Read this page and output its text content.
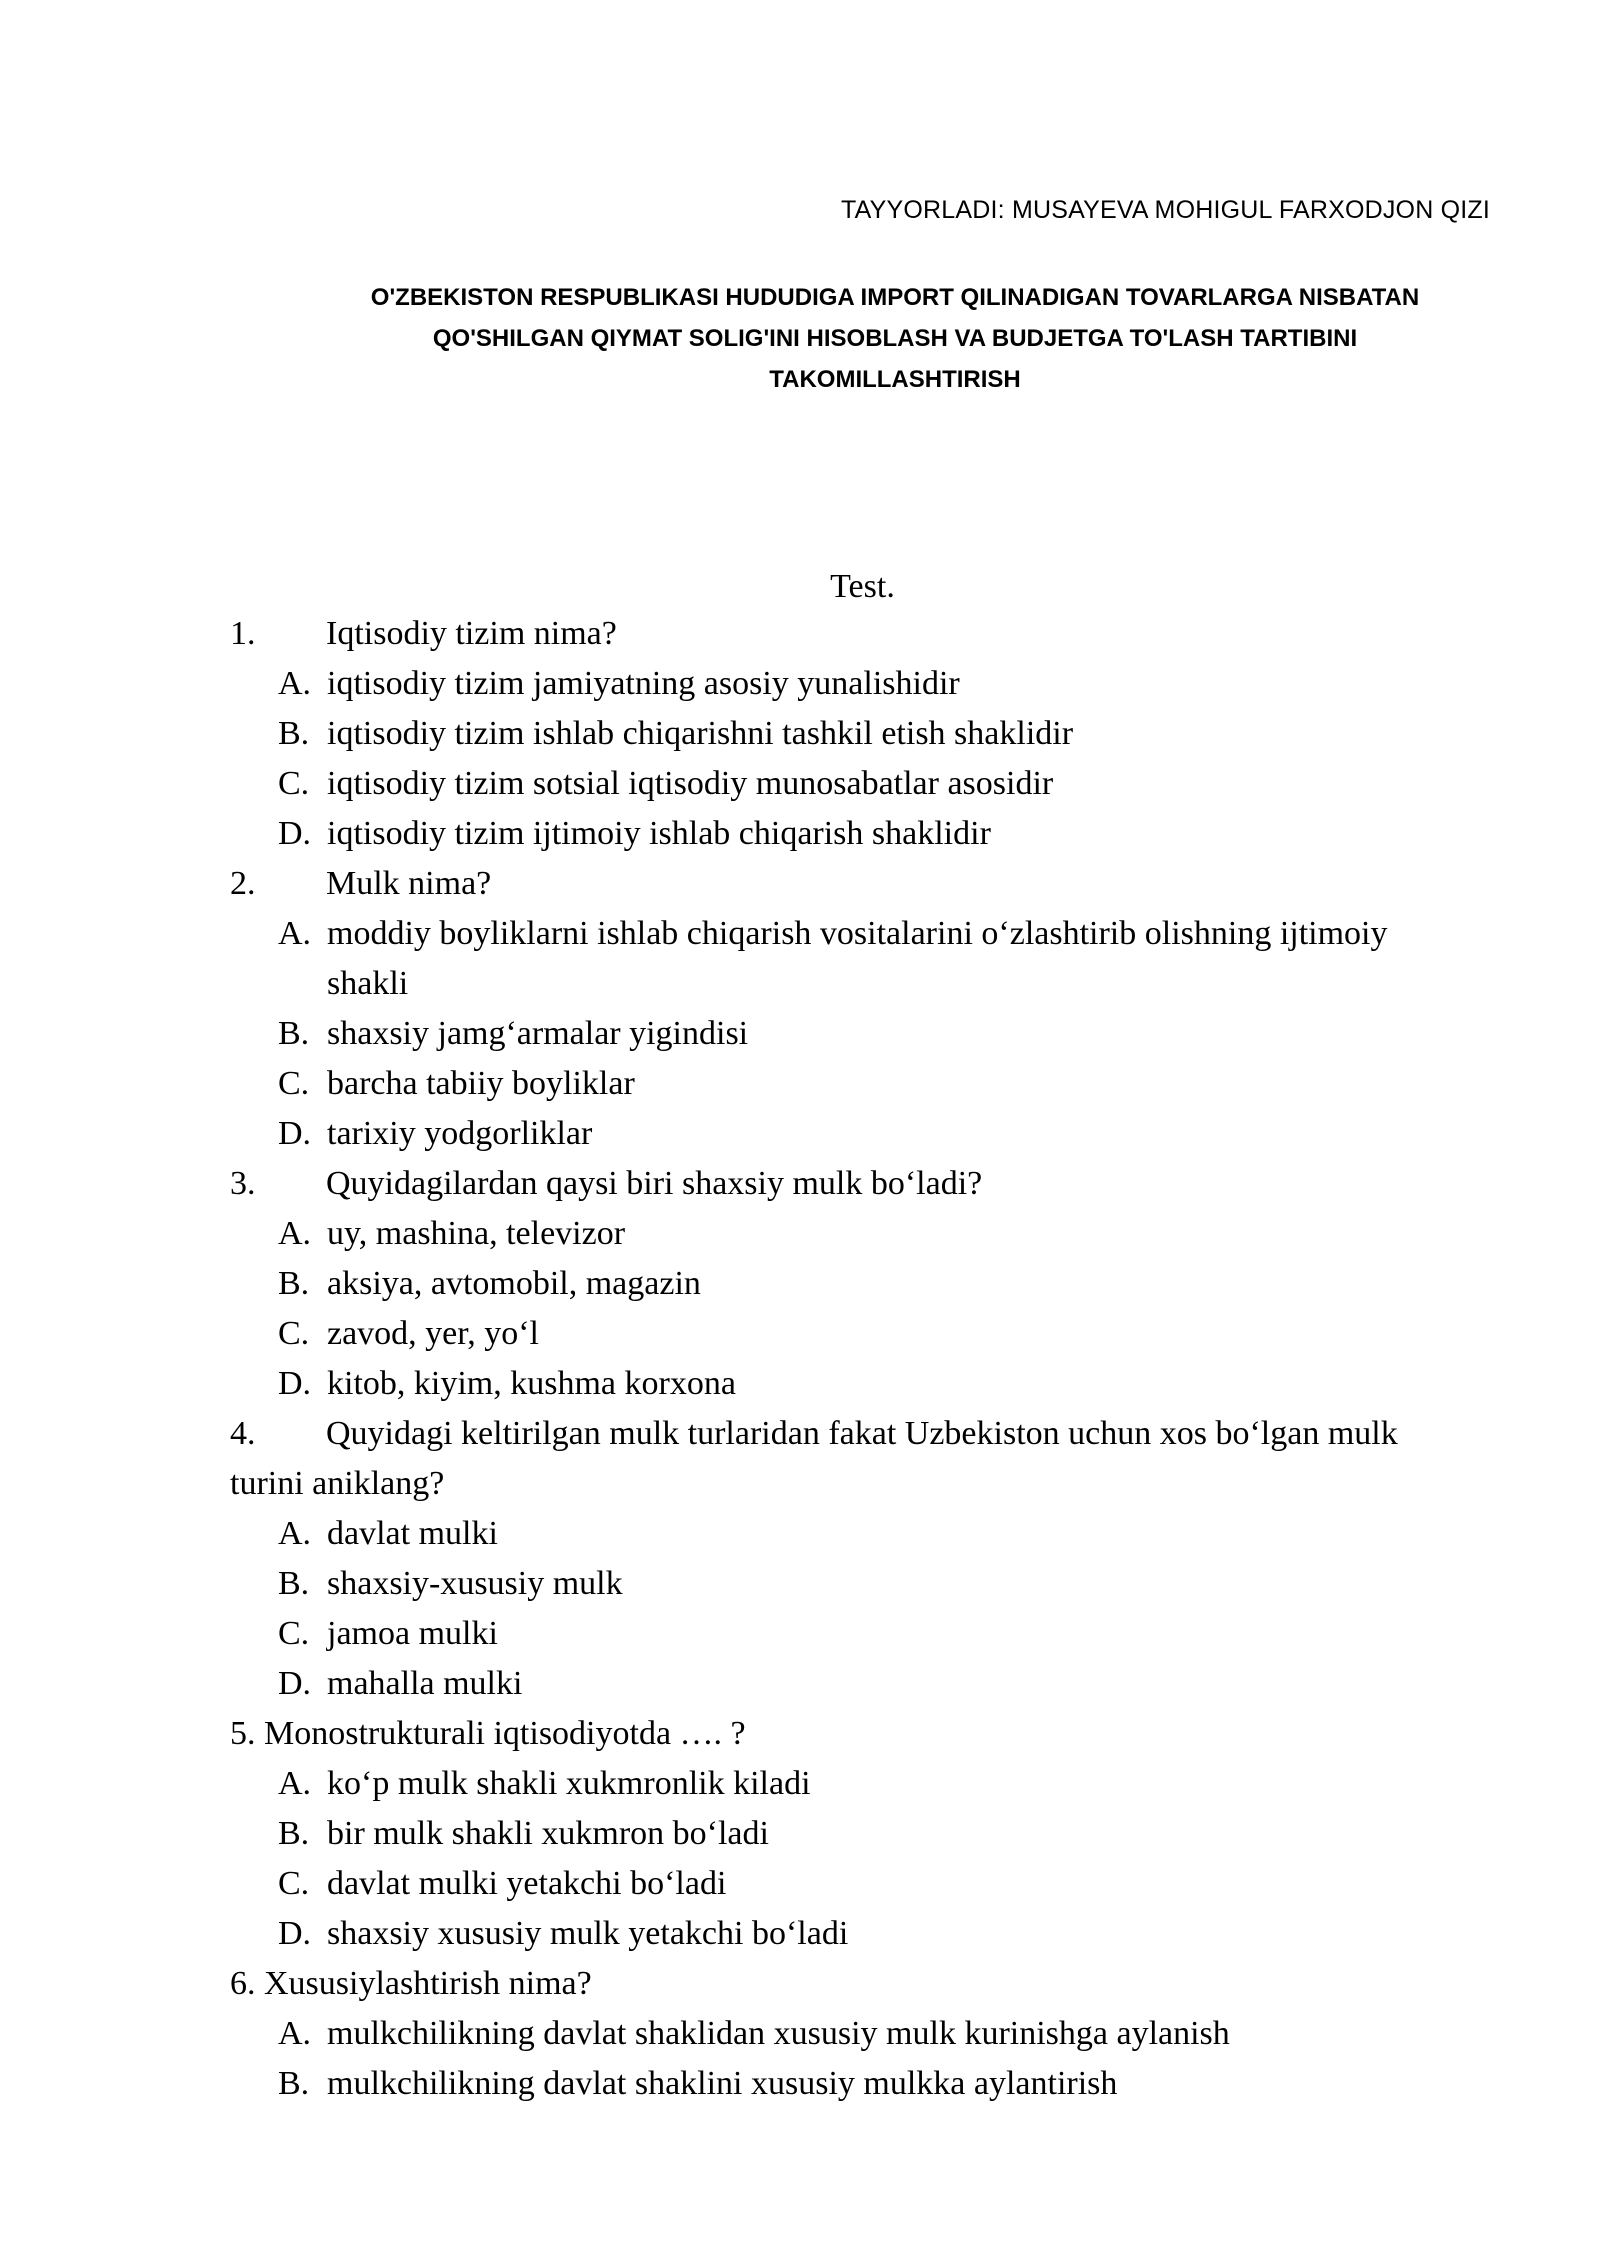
TAYYORLADI: MUSAYEVA MOHIGUL FARXODJON QIZI
O'ZBEKISTON RESPUBLIKASI HUDUDIGA IMPORT QILINADIGAN TOVARLARGA NISBATAN
QO'SHILGAN QIYMAT SOLIG'INI HISOBLASH VA BUDJETGA TO'LASH TARTIBINI
TAKOMILLASHTIRISH
Test.

1. Iqtisodiy tizim nima?

A. iqtisodiy tizim jamiyatning asosiy yunalishidir

B. iqtisodiy tizim ishlab chiqarishni tashkil etish shaklidir

C. iqtisodiy tizim sotsial iqtisodiy munosabatlar asosidir

D. iqtisodiy tizim ijtimoiy ishlab chiqarish shaklidir

2. Mulk nima?

A. moddiy boyliklarni ishlab chiqarish vositalarini o‘zlashtirib olishning ijtimoiy shakli

B. shaxsiy jamg‘armalar yigindisi

C. barcha tabiiy boyliklar

D. tarixiy yodgorliklar

3. Quyidagilardan qaysi biri shaxsiy mulk bo‘ladi?

A. uy, mashina, televizor

B. aksiya, avtomobil, magazin

C. zavod, yer, yo‘l

D. kitob, kiyim, kushma korxona

4. Quyidagi keltirilgan mulk turlaridan fakat Uzbekiston uchun xos bo‘lgan mulk turini aniklang?

A. davlat mulki

B. shaxsiy-xususiy mulk

C. jamoa mulki

D. mahalla mulki

5. Monostrukturali iqtisodiyotda …. ?

A. ko‘p mulk shakli xukmronlik kiladi

B. bir mulk shakli xukmron bo‘ladi

C. davlat mulki yetakchi bo‘ladi

D. shaxsiy xususiy mulk yetakchi bo‘ladi

6. Xususiylashtirish nima?

A. mulkchilikning davlat shaklidan xususiy mulk kurinishga aylanish

B. mulkchilikning davlat shaklini xususiy mulkka aylantirish
